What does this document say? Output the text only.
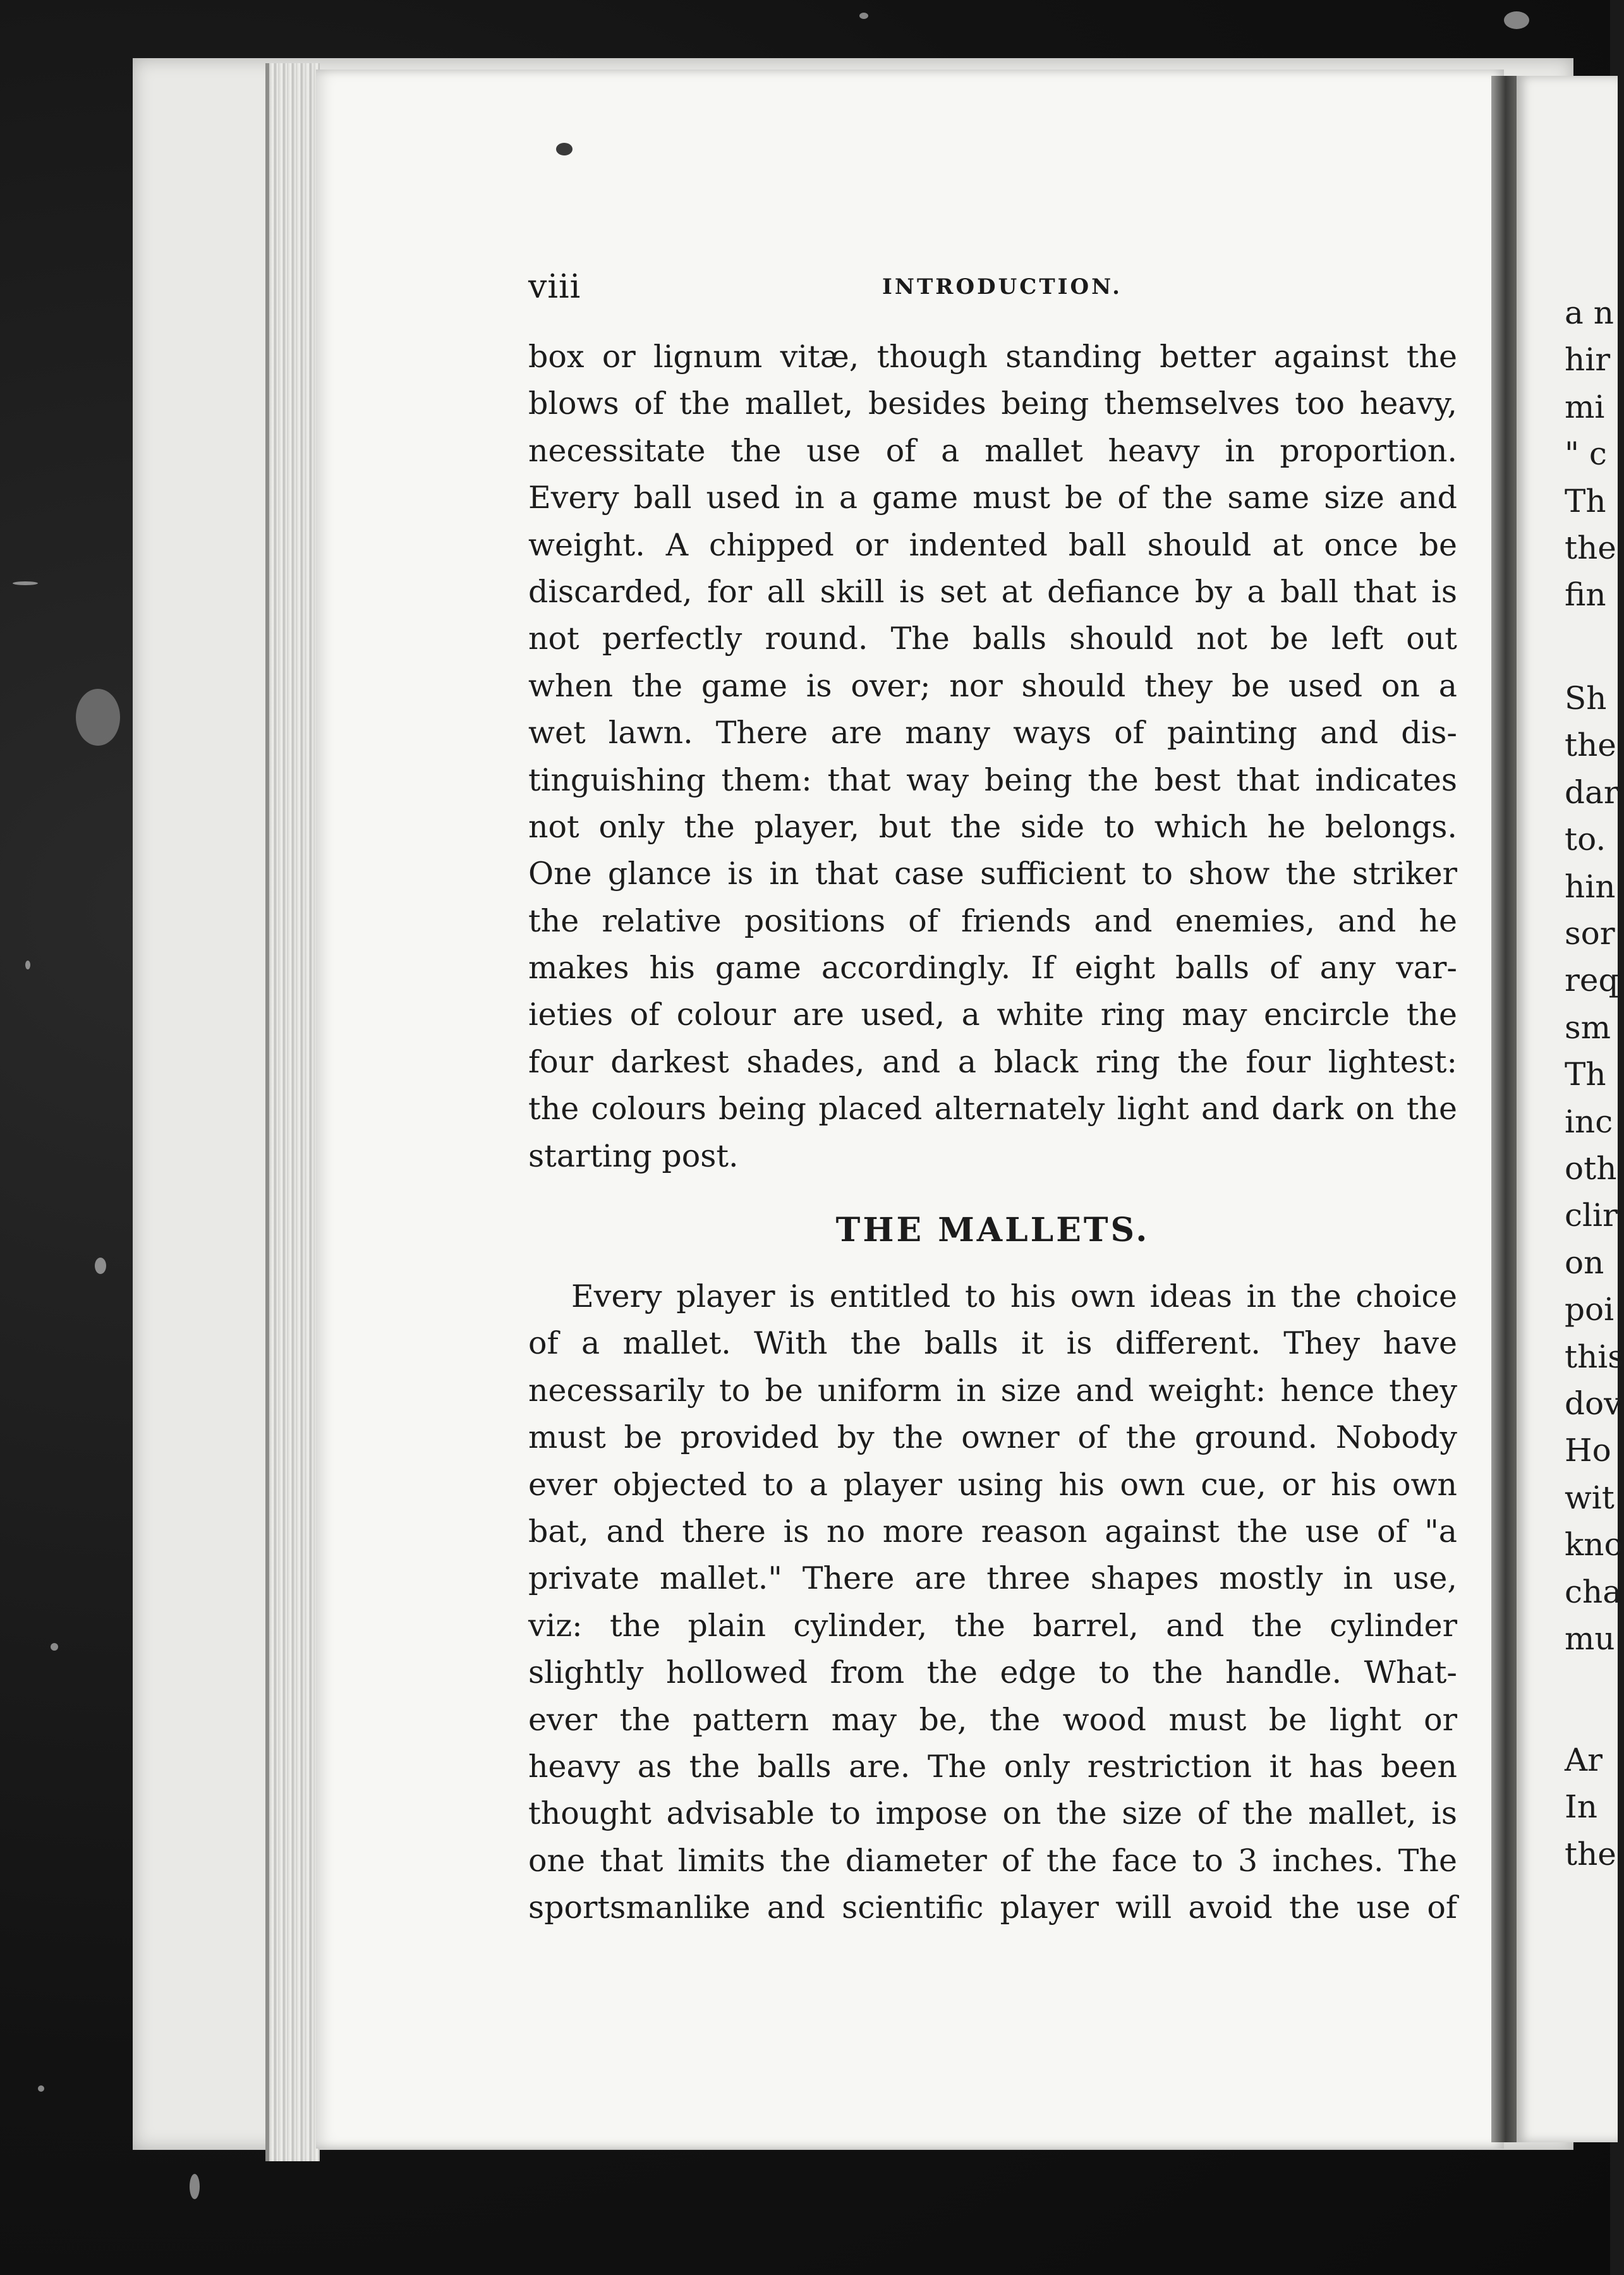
a n
hir
mi
" c
Th
the
fin
Sh
the
dar
to.
hin
sor
req
sm
Th
inc
oth
clir
on
poi
this
dov
Ho
wit
kno
cha
mu
Ar
In
the
viii	INTRODUCTION.
box or lignum vitæ, though standing better against the
blows of the mallet, besides being themselves too heavy,
necessitate the use of a mallet heavy in proportion.
Every ball used in a game must be of the same size and
weight. A chipped or indented ball should at once be
discarded, for all skill is set at defiance by a ball that is
not perfectly round. The balls should not be left out
when the game is over; nor should they be used on a
wet lawn. There are many ways of painting and dis-
tinguishing them: that way being the best that indicates
not only the player, but the side to which he belongs.
One glance is in that case sufficient to show the striker
the relative positions of friends and enemies, and he
makes his game accordingly. If eight balls of any var-
ieties of colour are used, a white ring may encircle the
four darkest shades, and a black ring the four lightest:
the colours being placed alternately light and dark on the
starting post.
THE MALLETS.
Every player is entitled to his own ideas in the choice
of a mallet. With the balls it is different. They have
necessarily to be uniform in size and weight: hence they
must be provided by the owner of the ground. Nobody
ever objected to a player using his own cue, or his own
bat, and there is no more reason against the use of "a
private mallet." There are three shapes mostly in use,
viz: the plain cylinder, the barrel, and the cylinder
slightly hollowed from the edge to the handle. What-
ever the pattern may be, the wood must be light or
heavy as the balls are. The only restriction it has been
thought advisable to impose on the size of the mallet, is
one that limits the diameter of the face to 3 inches. The
sportsmanlike and scientific player will avoid the use of
